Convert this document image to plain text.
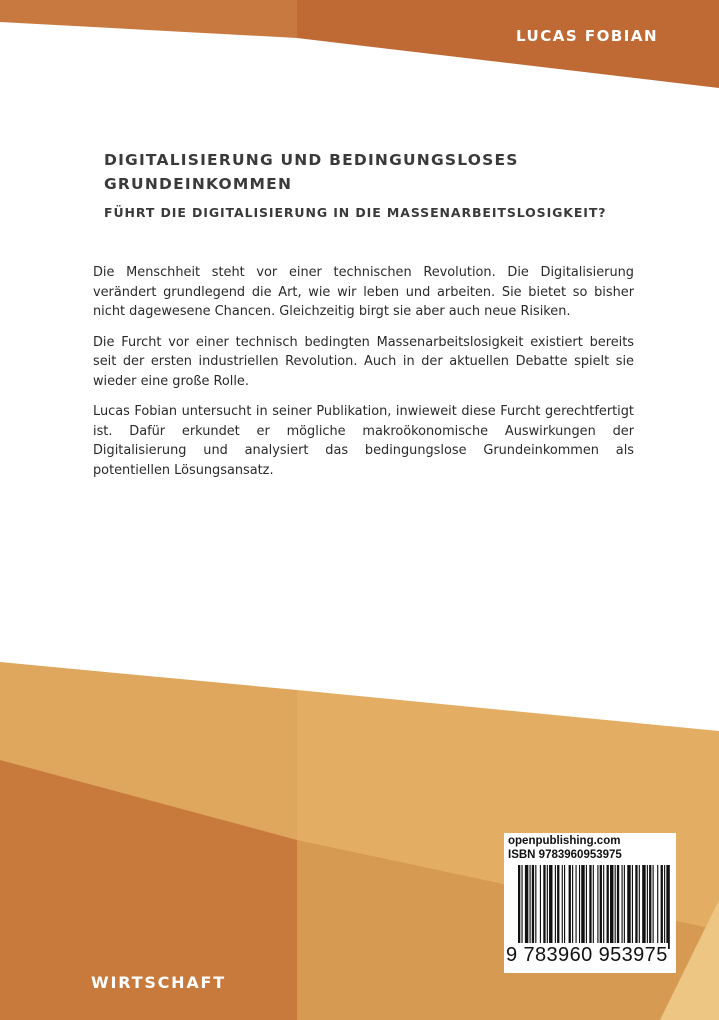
LUCAS FOBIAN

DIGITALISIERUNG UND BEDINGUNGSLOSES
GRUNDEINKOMMEN
FÜHRT DIE DIGITALISIERUNG IN DIE MASSENARBEITSLOSIGKEIT?

Die Menschheit steht vor einer technischen Revolution. Die Digitalisierung verändert grundlegend die Art, wie wir leben und arbeiten. Sie bietet so bisher nicht dagewesene Chancen. Gleichzeitig birgt sie aber auch neue Risiken.

Die Furcht vor einer technisch bedingten Massenarbeitslosigkeit existiert bereits seit der ersten industriellen Revolution. Auch in der aktuellen Debatte spielt sie wieder eine große Rolle.

Lucas Fobian untersucht in seiner Publikation, inwieweit diese Furcht gerechtfertigt ist. Dafür erkundet er mögliche makroökonomische Auswirkungen der Digitalisierung und analysiert das bedingungslose Grundeinkommen als potentiellen Lösungsansatz.

openpublishing.com
ISBN 9783960953975
9 783960 953975

WIRTSCHAFT
